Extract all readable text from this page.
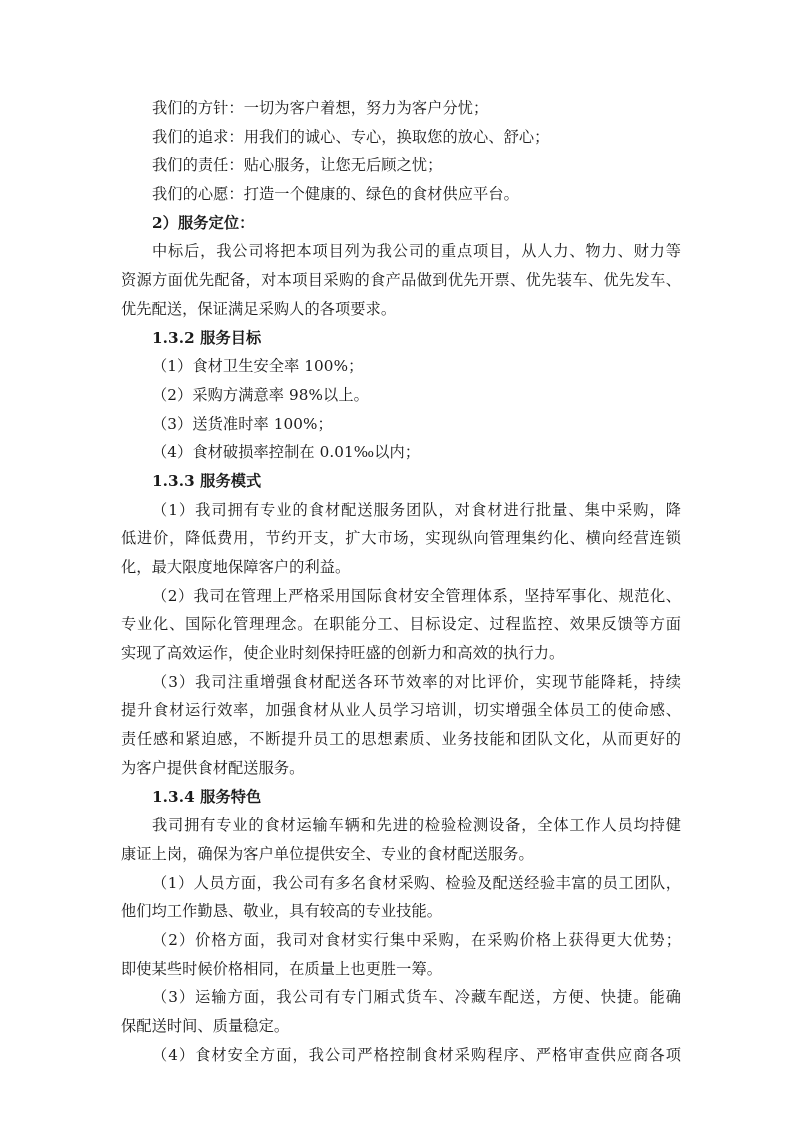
我们的方针：一切为客户着想，努力为客户分忧；
我们的追求：用我们的诚心、专心，换取您的放心、舒心；
我们的责任：贴心服务，让您无后顾之忧；
我们的心愿：打造一个健康的、绿色的食材供应平台。
2）服务定位：
中标后，我公司将把本项目列为我公司的重点项目，从人力、物力、财力等
资源方面优先配备，对本项目采购的食产品做到优先开票、优先装车、优先发车、
优先配送，保证满足采购人的各项要求。
1.3.2 服务目标
（1）食材卫生安全率 100%；
（2）采购方满意率 98%以上。
（3）送货准时率 100%；
（4）食材破损率控制在 0.01‰以内；
1.3.3 服务模式
（1）我司拥有专业的食材配送服务团队，对食材进行批量、集中采购，降
低进价，降低费用，节约开支，扩大市场，实现纵向管理集约化、横向经营连锁
化，最大限度地保障客户的利益。
（2）我司在管理上严格采用国际食材安全管理体系，坚持军事化、规范化、
专业化、国际化管理理念。在职能分工、目标设定、过程监控、效果反馈等方面
实现了高效运作，使企业时刻保持旺盛的创新力和高效的执行力。
（3）我司注重增强食材配送各环节效率的对比评价，实现节能降耗，持续
提升食材运行效率，加强食材从业人员学习培训，切实增强全体员工的使命感、
责任感和紧迫感，不断提升员工的思想素质、业务技能和团队文化，从而更好的
为客户提供食材配送服务。
1.3.4 服务特色
我司拥有专业的食材运输车辆和先进的检验检测设备，全体工作人员均持健
康证上岗，确保为客户单位提供安全、专业的食材配送服务。
（1）人员方面，我公司有多名食材采购、检验及配送经验丰富的员工团队，
他们均工作勤恳、敬业，具有较高的专业技能。
（2）价格方面，我司对食材实行集中采购，在采购价格上获得更大优势；
即使某些时候价格相同，在质量上也更胜一筹。
（3）运输方面，我公司有专门厢式货车、冷藏车配送，方便、快捷。能确
保配送时间、质量稳定。
（4）食材安全方面，我公司严格控制食材采购程序、严格审查供应商各项
